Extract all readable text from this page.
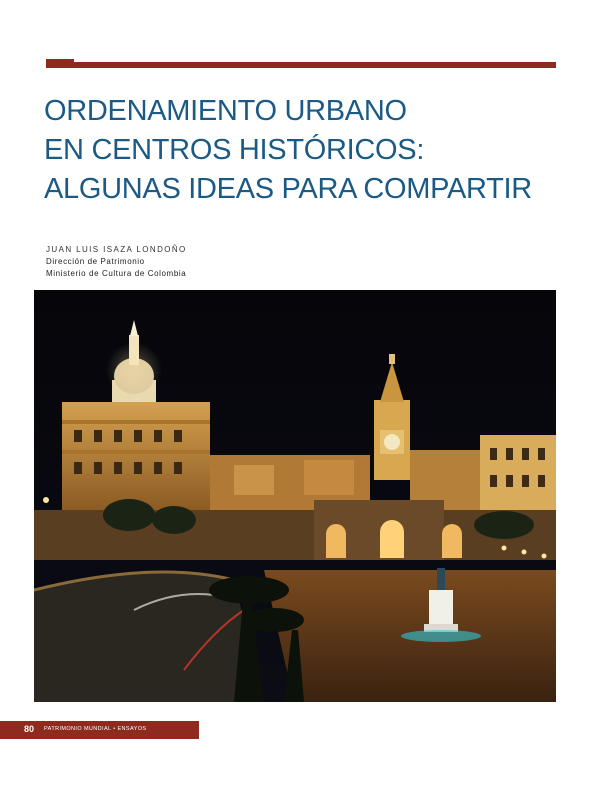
ORDENAMIENTO URBANO
EN CENTROS HISTÓRICOS:
ALGUNAS IDEAS PARA COMPARTIR
JUAN LUIS ISAZA LONDOÑO
Dirección de Patrimonio
Ministerio de Cultura de Colombia
80 PATRIMONIO MUNDIAL • ENSAYOS
